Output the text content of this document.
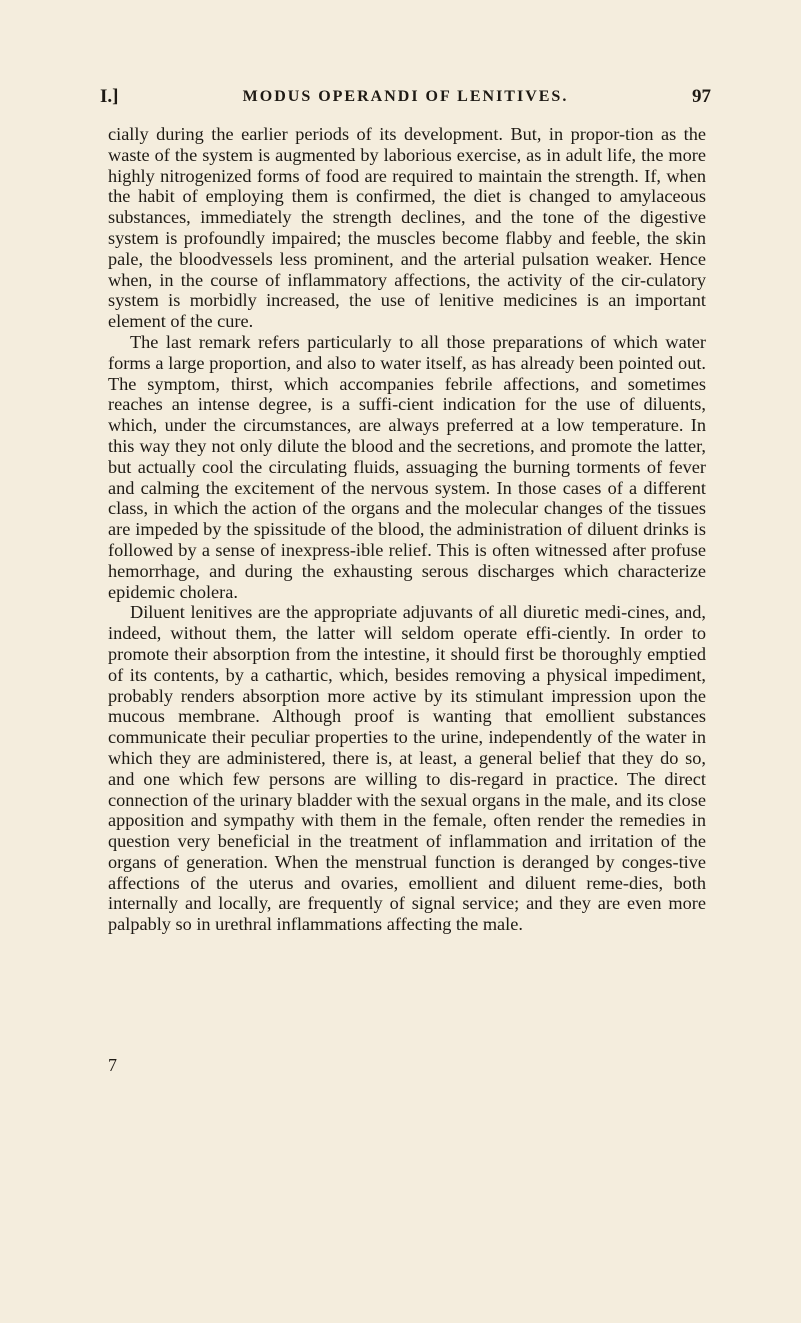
I.]	MODUS OPERANDI OF LENITIVES.	97

cially during the earlier periods of its development. But, in propor-tion as the waste of the system is augmented by laborious exercise, as in adult life, the more highly nitrogenized forms of food are required to maintain the strength. If, when the habit of employing them is confirmed, the diet is changed to amylaceous substances, immediately the strength declines, and the tone of the digestive system is profoundly impaired; the muscles become flabby and feeble, the skin pale, the bloodvessels less prominent, and the arterial pulsation weaker. Hence when, in the course of inflammatory affections, the activity of the cir-culatory system is morbidly increased, the use of lenitive medicines is an important element of the cure.

The last remark refers particularly to all those preparations of which water forms a large proportion, and also to water itself, as has already been pointed out. The symptom, thirst, which accompanies febrile affections, and sometimes reaches an intense degree, is a suffi-cient indication for the use of diluents, which, under the circumstances, are always preferred at a low temperature. In this way they not only dilute the blood and the secretions, and promote the latter, but actually cool the circulating fluids, assuaging the burning torments of fever and calming the excitement of the nervous system. In those cases of a different class, in which the action of the organs and the molecular changes of the tissues are impeded by the spissitude of the blood, the administration of diluent drinks is followed by a sense of inexpress-ible relief. This is often witnessed after profuse hemorrhage, and during the exhausting serous discharges which characterize epidemic cholera.

Diluent lenitives are the appropriate adjuvants of all diuretic medi-cines, and, indeed, without them, the latter will seldom operate effi-ciently. In order to promote their absorption from the intestine, it should first be thoroughly emptied of its contents, by a cathartic, which, besides removing a physical impediment, probably renders absorption more active by its stimulant impression upon the mucous membrane. Although proof is wanting that emollient substances communicate their peculiar properties to the urine, independently of the water in which they are administered, there is, at least, a general belief that they do so, and one which few persons are willing to dis-regard in practice. The direct connection of the urinary bladder with the sexual organs in the male, and its close apposition and sympathy with them in the female, often render the remedies in question very beneficial in the treatment of inflammation and irritation of the organs of generation. When the menstrual function is deranged by conges-tive affections of the uterus and ovaries, emollient and diluent reme-dies, both internally and locally, are frequently of signal service; and they are even more palpably so in urethral inflammations affecting the male.

7
